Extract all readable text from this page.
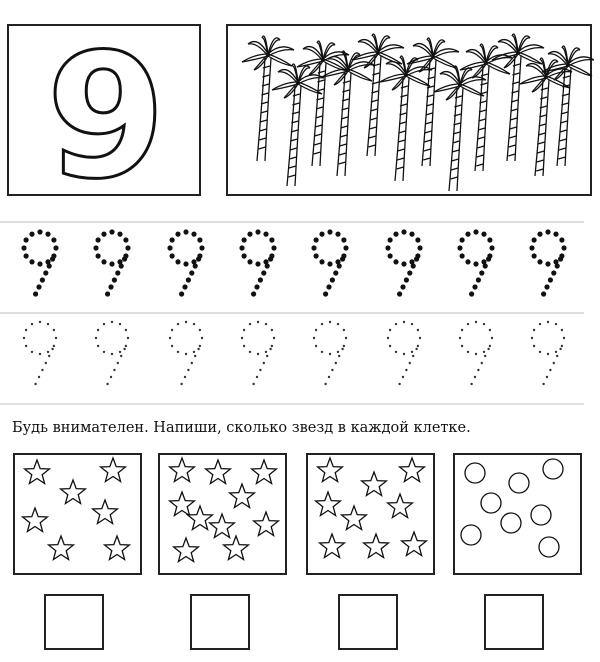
9
Будь внимателен. Напиши, сколько звезд в каждой клетке.
